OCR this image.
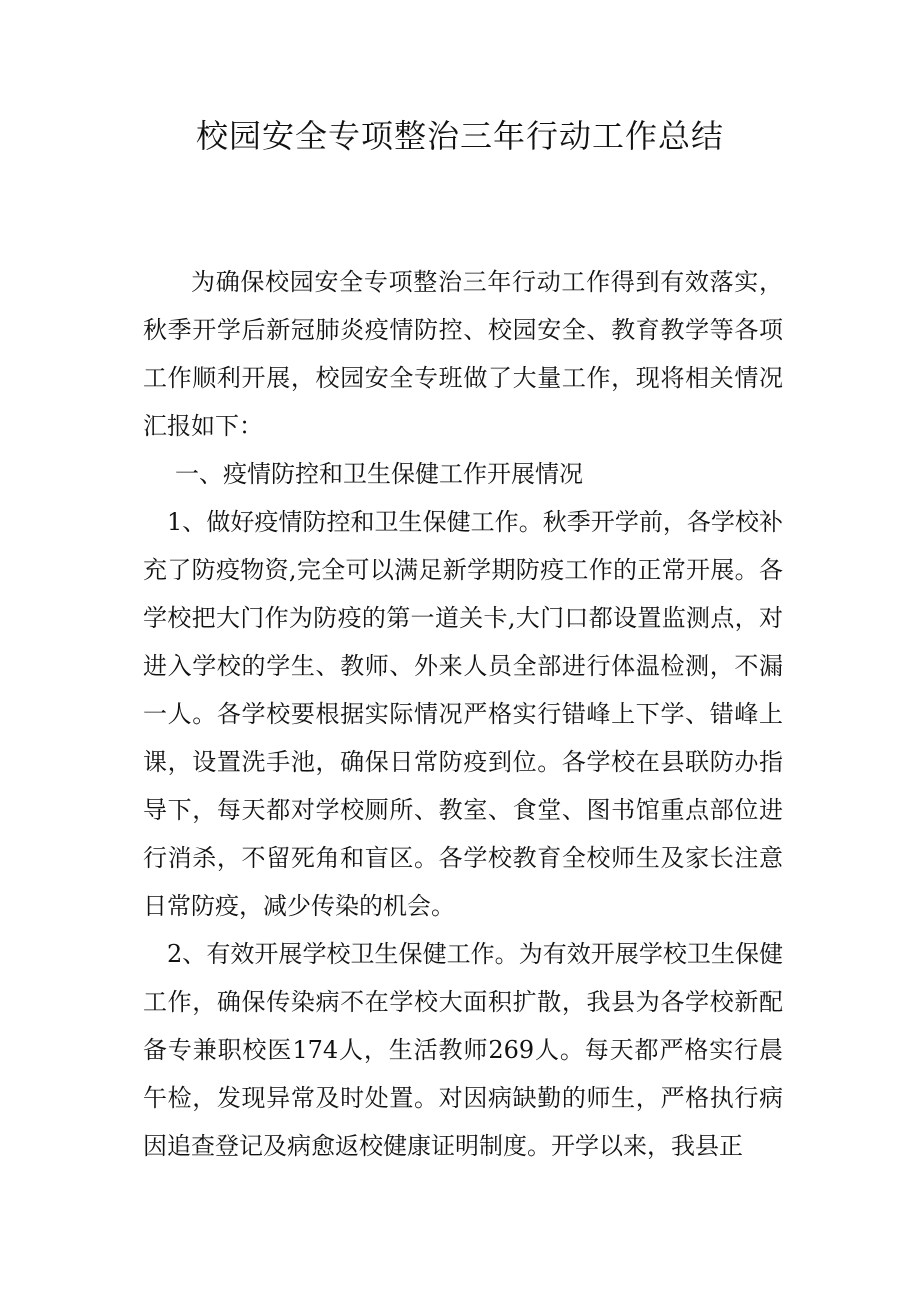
校园安全专项整治三年行动工作总结

为确保校园安全专项整治三年行动工作得到有效落实，秋季开学后新冠肺炎疫情防控、校园安全、教育教学等各项工作顺利开展，校园安全专班做了大量工作，现将相关情况汇报如下：

一、疫情防控和卫生保健工作开展情况

1、做好疫情防控和卫生保健工作。秋季开学前，各学校补充了防疫物资,完全可以满足新学期防疫工作的正常开展。各学校把大门作为防疫的第一道关卡,大门口都设置监测点，对进入学校的学生、教师、外来人员全部进行体温检测，不漏一人。各学校要根据实际情况严格实行错峰上下学、错峰上课，设置洗手池，确保日常防疫到位。各学校在县联防办指导下，每天都对学校厕所、教室、食堂、图书馆重点部位进行消杀，不留死角和盲区。各学校教育全校师生及家长注意日常防疫，减少传染的机会。

2、有效开展学校卫生保健工作。为有效开展学校卫生保健工作，确保传染病不在学校大面积扩散，我县为各学校新配备专兼职校医174人，生活教师269人。每天都严格实行晨午检，发现异常及时处置。对因病缺勤的师生，严格执行病因追查登记及病愈返校健康证明制度。开学以来，我县正
